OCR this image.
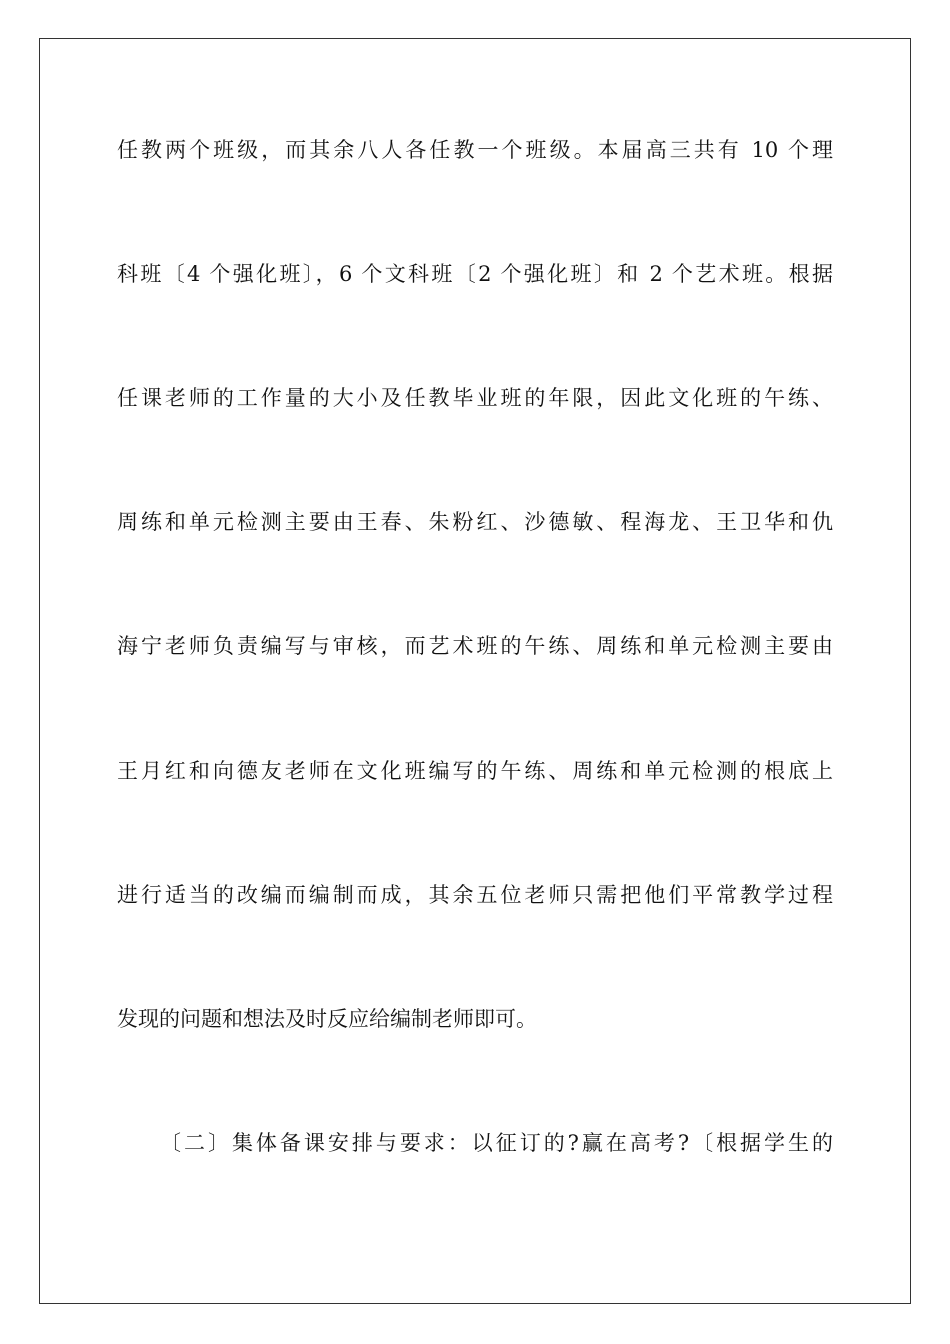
任教两个班级，而其余八人各任教一个班级。本届高三共有 10 个理
科班〔4 个强化班〕，6 个文科班〔2 个强化班〕和 2 个艺术班。根据
任课老师的工作量的大小及任教毕业班的年限，因此文化班的午练、
周练和单元检测主要由王春、朱粉红、沙德敏、程海龙、王卫华和仇
海宁老师负责编写与审核，而艺术班的午练、周练和单元检测主要由
王月红和向德友老师在文化班编写的午练、周练和单元检测的根底上
进行适当的改编而编制而成，其余五位老师只需把他们平常教学过程
发现的问题和想法及时反应给编制老师即可。
〔二〕集体备课安排与要求：以征订的?赢在高考?〔根据学生的
